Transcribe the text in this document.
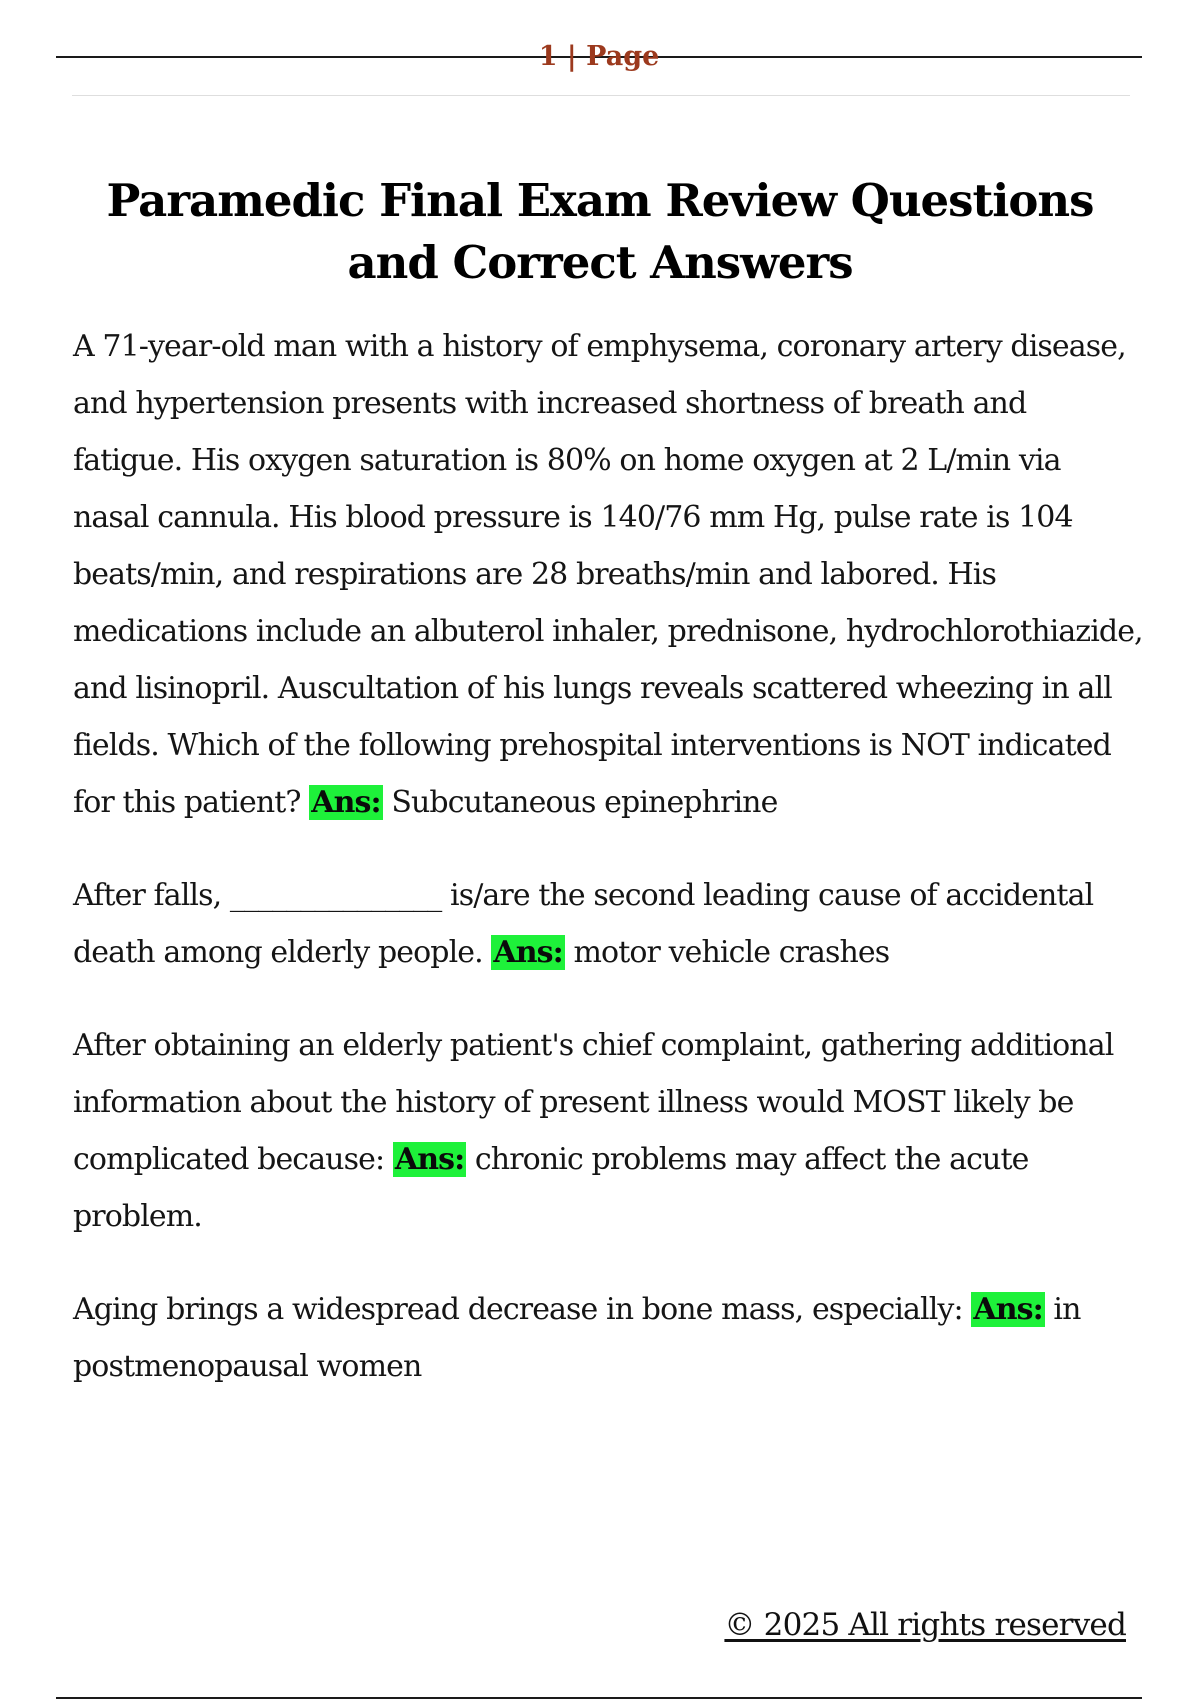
1 | Page
Paramedic Final Exam Review Questions and Correct Answers

A 71-year-old man with a history of emphysema, coronary artery disease, and hypertension presents with increased shortness of breath and fatigue. His oxygen saturation is 80% on home oxygen at 2 L/min via nasal cannula. His blood pressure is 140/76 mm Hg, pulse rate is 104 beats/min, and respirations are 28 breaths/min and labored. His medications include an albuterol inhaler, prednisone, hydrochlorothiazide, and lisinopril. Auscultation of his lungs reveals scattered wheezing in all fields. Which of the following prehospital interventions is NOT indicated for this patient? Ans: Subcutaneous epinephrine

After falls, _______________ is/are the second leading cause of accidental death among elderly people. Ans: motor vehicle crashes

After obtaining an elderly patient's chief complaint, gathering additional information about the history of present illness would MOST likely be complicated because: Ans: chronic problems may affect the acute problem.

Aging brings a widespread decrease in bone mass, especially: Ans: in postmenopausal women

© 2025 All rights reserved
